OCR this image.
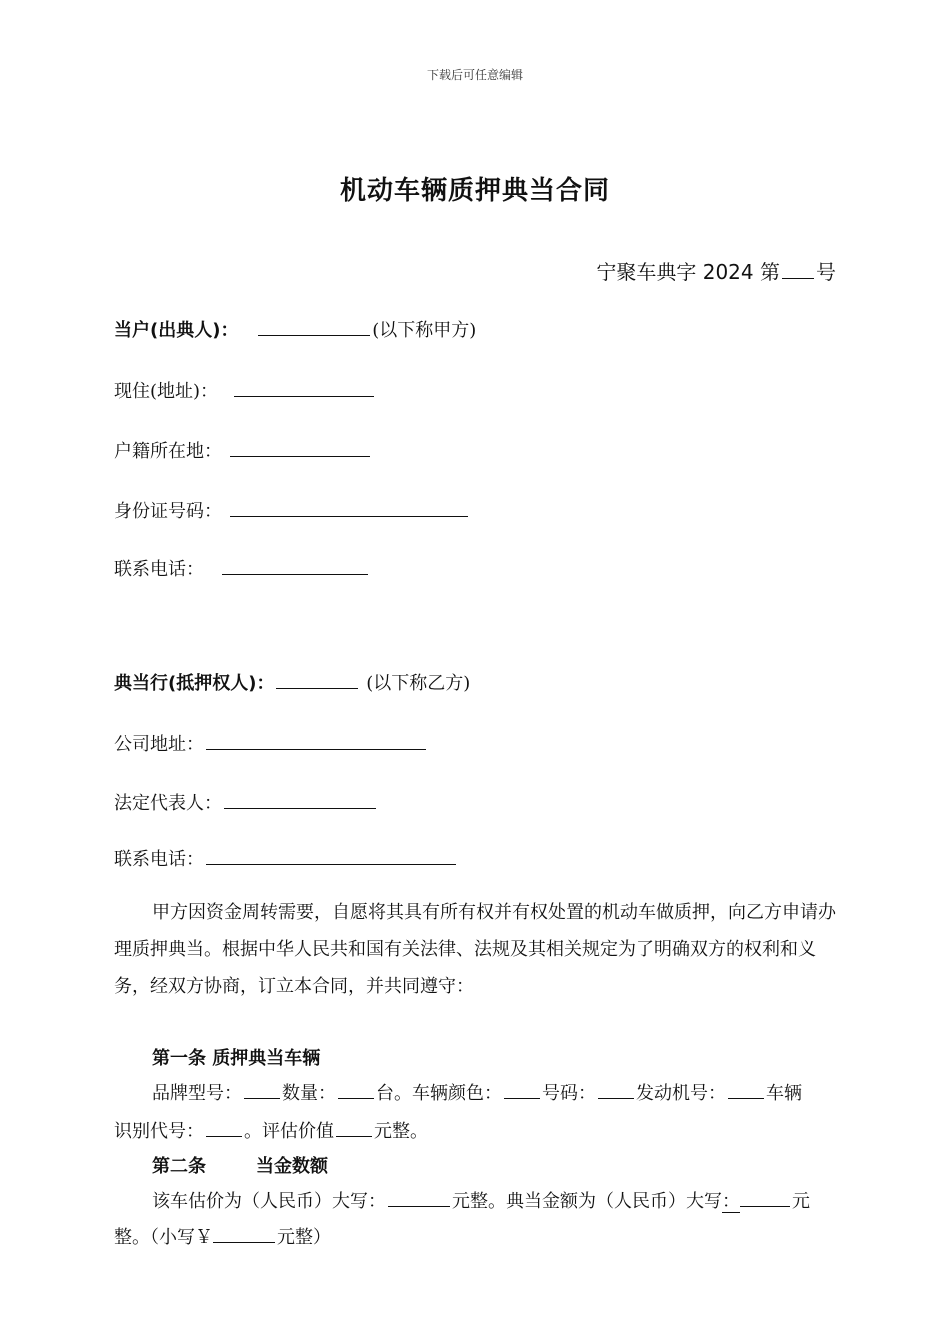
下载后可任意编辑
机动车辆质押典当合同
宁聚车典字 2024 第 号
当户(出典人)：	(以下称甲方)
现住(地址)：
户籍所在地：
身份证号码：
联系电话：
典当行(抵押权人)：	(以下称乙方)
公司地址：
法定代表人：
联系电话：

甲方因资金周转需要，自愿将其具有所有权并有权处置的机动车做质押，向乙方申请办理质押典当。根据中华人民共和国有关法律、法规及其相关规定为了明确双方的权利和义务，经双方协商，订立本合同，并共同遵守：

第一条 质押典当车辆
品牌型号： 数量： 台。车辆颜色： 号码： 发动机号： 车辆
识别代号： 。评估价值 元整。
第二条	当金数额
该车估价为（人民币）大写：	元整。典当金额为（人民币）大写：	元
整。（小写￥	元整）
